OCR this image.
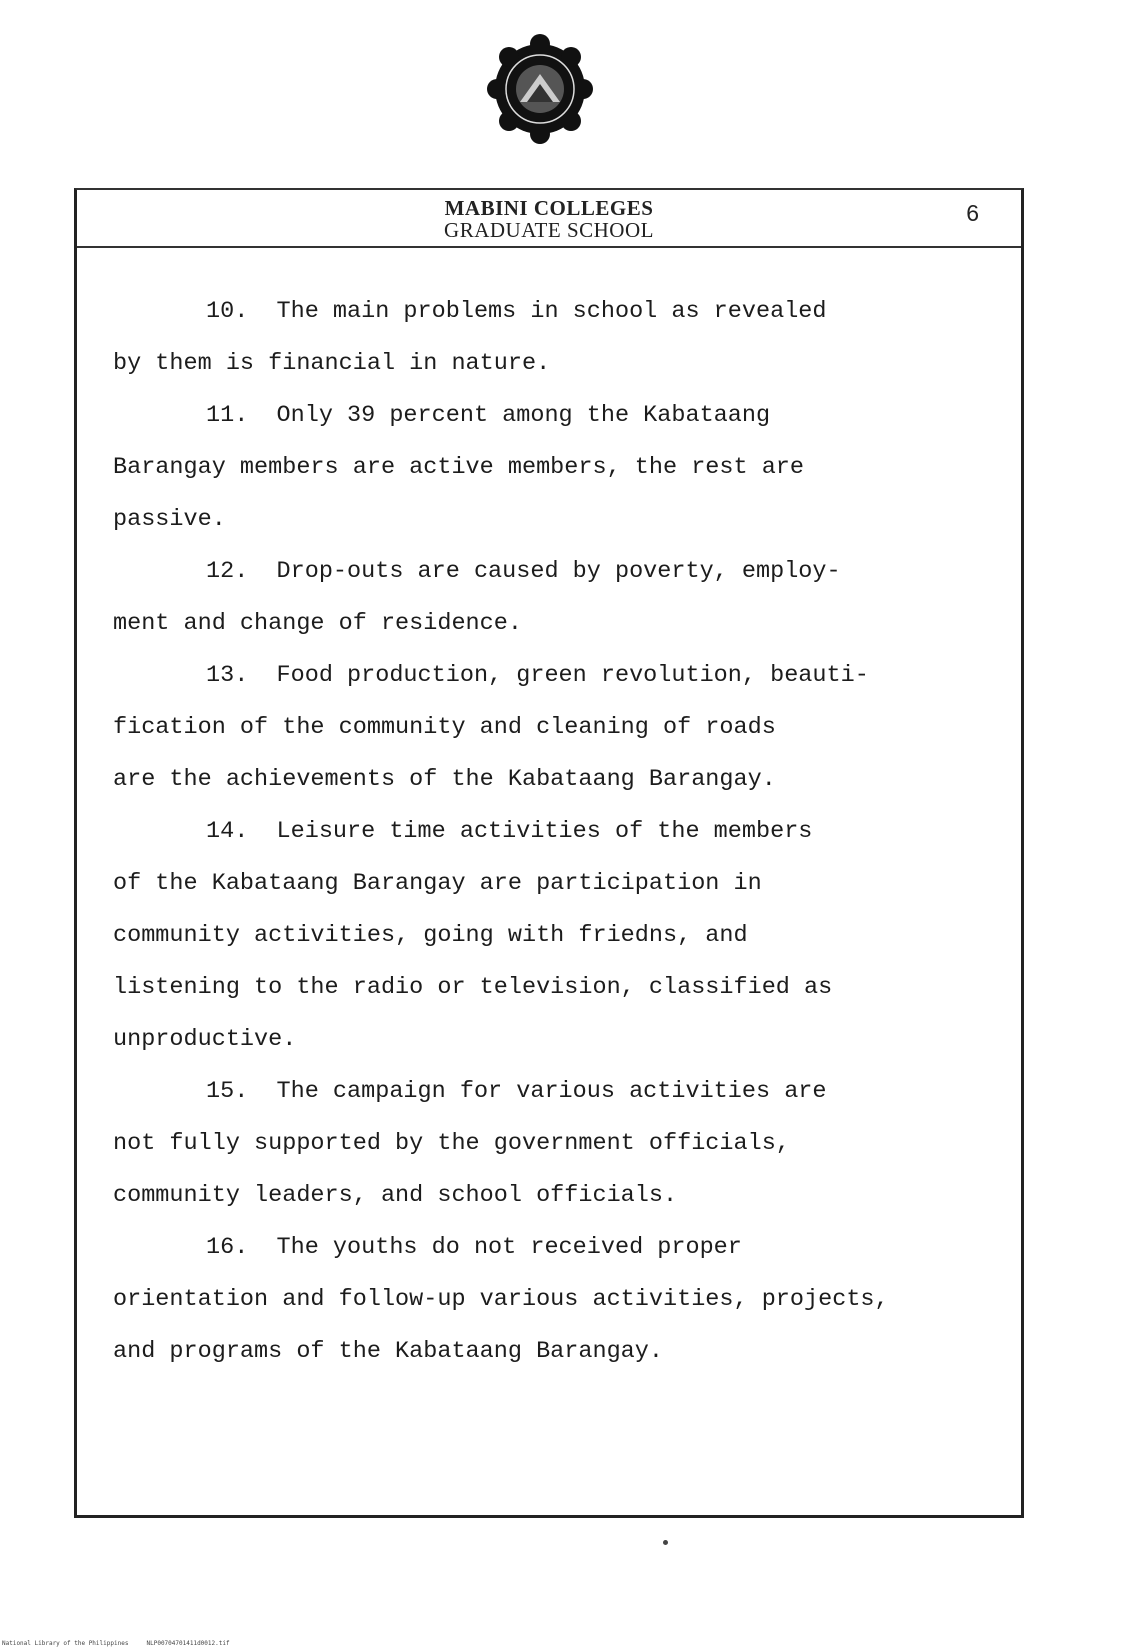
MABINI COLLEGES
GRADUATE SCHOOL
6
10.  The main problems in school as revealed
by them is financial in nature.
11.  Only 39 percent among the Kabataang
Barangay members are active members, the rest are
passive.
12.  Drop-outs are caused by poverty, employ-
ment and change of residence.
13.  Food production, green revolution, beauti-
fication of the community and cleaning of roads
are the achievements of the Kabataang Barangay.
14.  Leisure time activities of the members
of the Kabataang Barangay are participation in
community activities, going with friedns, and
listening to the radio or television, classified as
unproductive.
15.  The campaign for various activities are
not fully supported by the government officials,
community leaders, and school officials.
16.  The youths do not received proper
orientation and follow-up various activities, projects,
and programs of the Kabataang Barangay.
National Library of the Philippines     NLP00704701411d0012.tif
